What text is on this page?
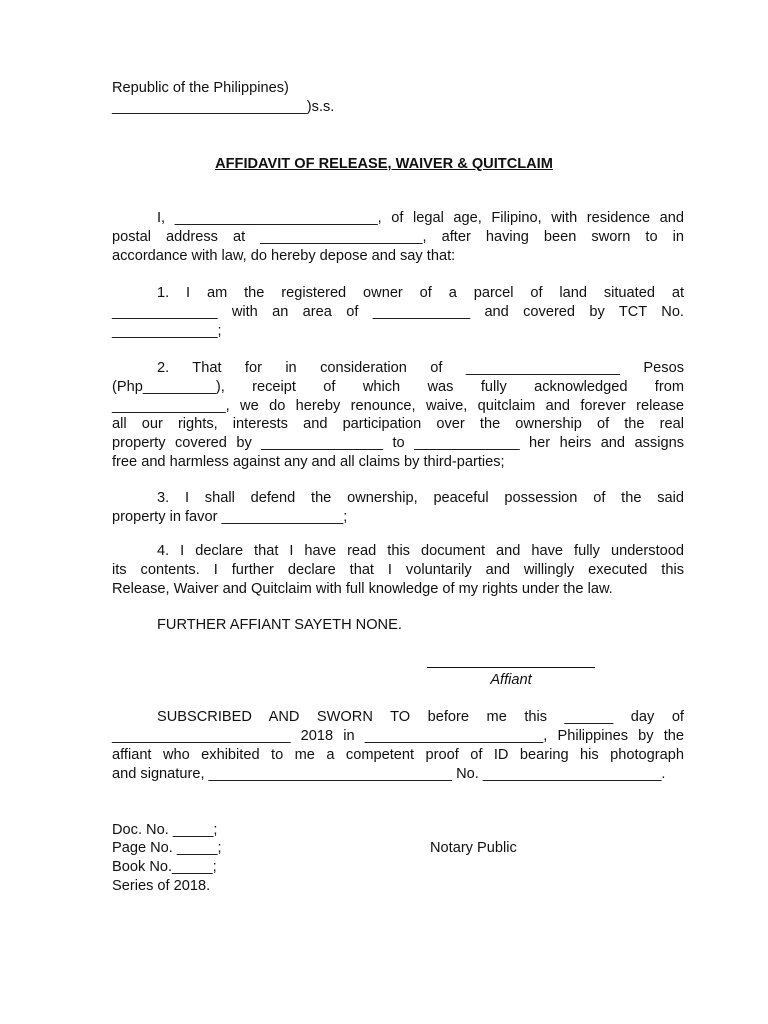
Republic of the Philippines)
________________________)s.s.
AFFIDAVIT OF RELEASE, WAIVER & QUITCLAIM
I, _________________________, of legal age, Filipino, with residence and
postal address at ____________________, after having been sworn to in
accordance with law, do hereby depose and say that:
1. I am the registered owner of a parcel of land situated at
_____________ with an area of ____________ and covered by TCT No.
_____________;
2. That for in consideration of ___________________ Pesos
(Php_________), receipt of which was fully acknowledged from
______________, we do hereby renounce, waive, quitclaim and forever release
all our rights, interests and participation over the ownership of the real
property covered by _______________ to _____________ her heirs and assigns
free and harmless against any and all claims by third-parties;
3. I shall defend the ownership, peaceful possession of the said
property in favor _______________;
4. I declare that I have read this document and have fully understood
its contents. I further declare that I voluntarily and willingly executed this
Release, Waiver and Quitclaim with full knowledge of my rights under the law.
FURTHER AFFIANT SAYETH NONE.
Affiant
SUBSCRIBED AND SWORN TO before me this ______ day of
______________________ 2018 in ______________________, Philippines by the
affiant who exhibited to me a competent proof of ID bearing his photograph
and signature, ______________________________ No. ______________________.
Doc. No. _____;
Page No. _____;	Notary Public
Book No._____;
Series of 2018.
